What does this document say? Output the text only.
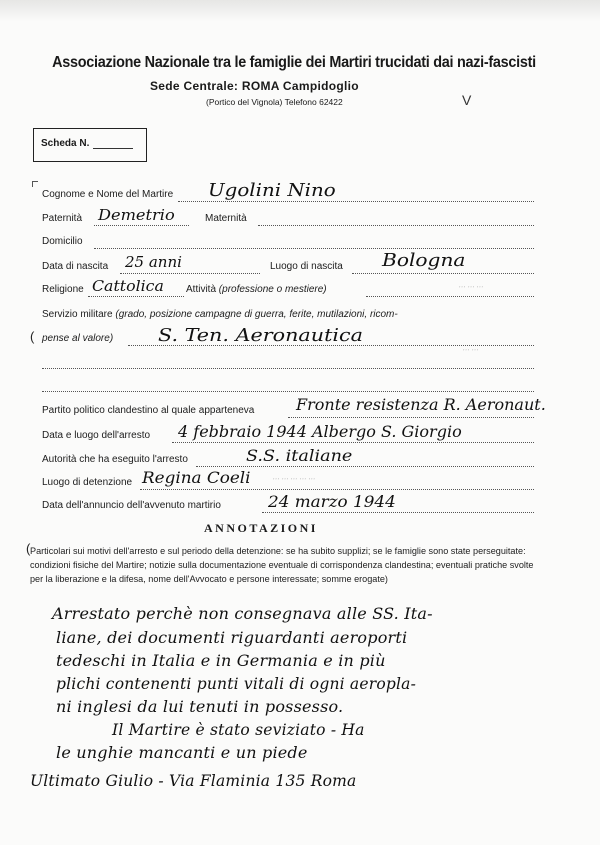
Associazione Nazionale tra le famiglie dei Martiri trucidati dai nazi-fascisti
Sede Centrale: ROMA Campidoglio
(Portico del Vignola) Telefono 62422	V
Scheda N.
Cognome e Nome del Martire Ugolini Nino
Paternità Demetrio	Maternità
Domicilio
Data di nascita 25 anni	Luogo di nascita Bologna
Religione Cattolica Attività (professione o mestiere)	⋯ ⋯ ⋯
Servizio militare (grado, posizione campagne di guerra, ferite, mutilazioni, ricom-
( pense al valore) S. Ten. Aeronautica
⋯ ⋯
Partito politico clandestino al quale apparteneva	Fronte resistenza R. Aeronaut.
Data e luogo dell'arresto 4 febbraio 1944 Albergo S. Giorgio
Autorità che ha eseguito l'arresto	S.S. italiane
Luogo di detenzione Regina Coeli	⋯ ⋯ ⋯ ⋯ ⋯
Data dell'annuncio dell'avvenuto martirio	24 marzo 1944
ANNOTAZIONI
( Particolari sui motivi dell'arresto e sul periodo della detenzione: se ha subito supplizi; se le famiglie sono state perseguitate: condizioni fisiche del Martire; notizie sulla documentazione eventuale di corrispondenza clandestina; eventuali pratiche svolte per la liberazione e la difesa, nome dell'Avvocato e persone interessate; somme erogate)
Arrestato perchè non consegnava alle SS. Ita-
liane, dei documenti riguardanti aeroporti
tedeschi in Italia e in Germania e in più
plichi contenenti punti vitali di ogni aeropla-
ni inglesi da lui tenuti in possesso.
Il Martire è stato seviziato - Ha
le unghie mancanti e un piede
Ultimato Giulio - Via Flaminia 135 Roma
